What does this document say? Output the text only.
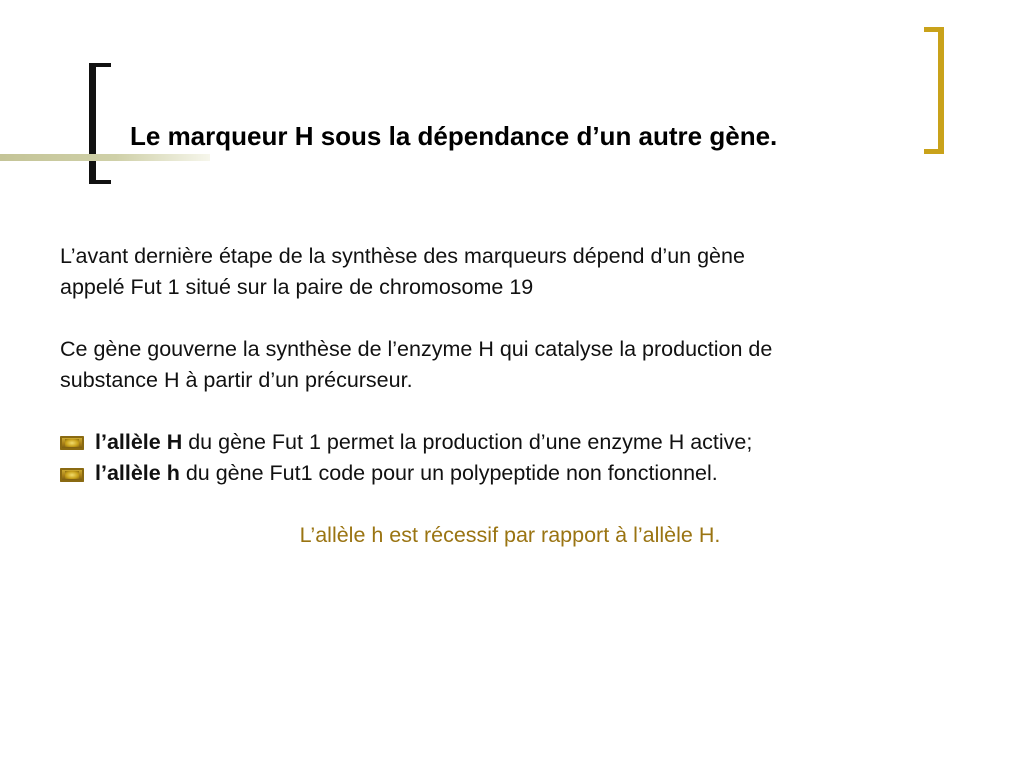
Le marqueur H sous la dépendance d’un autre gène.

L’avant dernière étape de la synthèse des marqueurs dépend d’un gène
appelé Fut 1 situé sur la paire de chromosome 19

Ce gène gouverne la synthèse de l’enzyme H qui catalyse la production de
substance H à partir d’un précurseur.

l’allèle H du gène Fut 1 permet la production d’une enzyme H active;
l’allèle h du gène Fut1 code pour un polypeptide non fonctionnel.

L’allèle h est récessif par rapport à l’allèle H.
